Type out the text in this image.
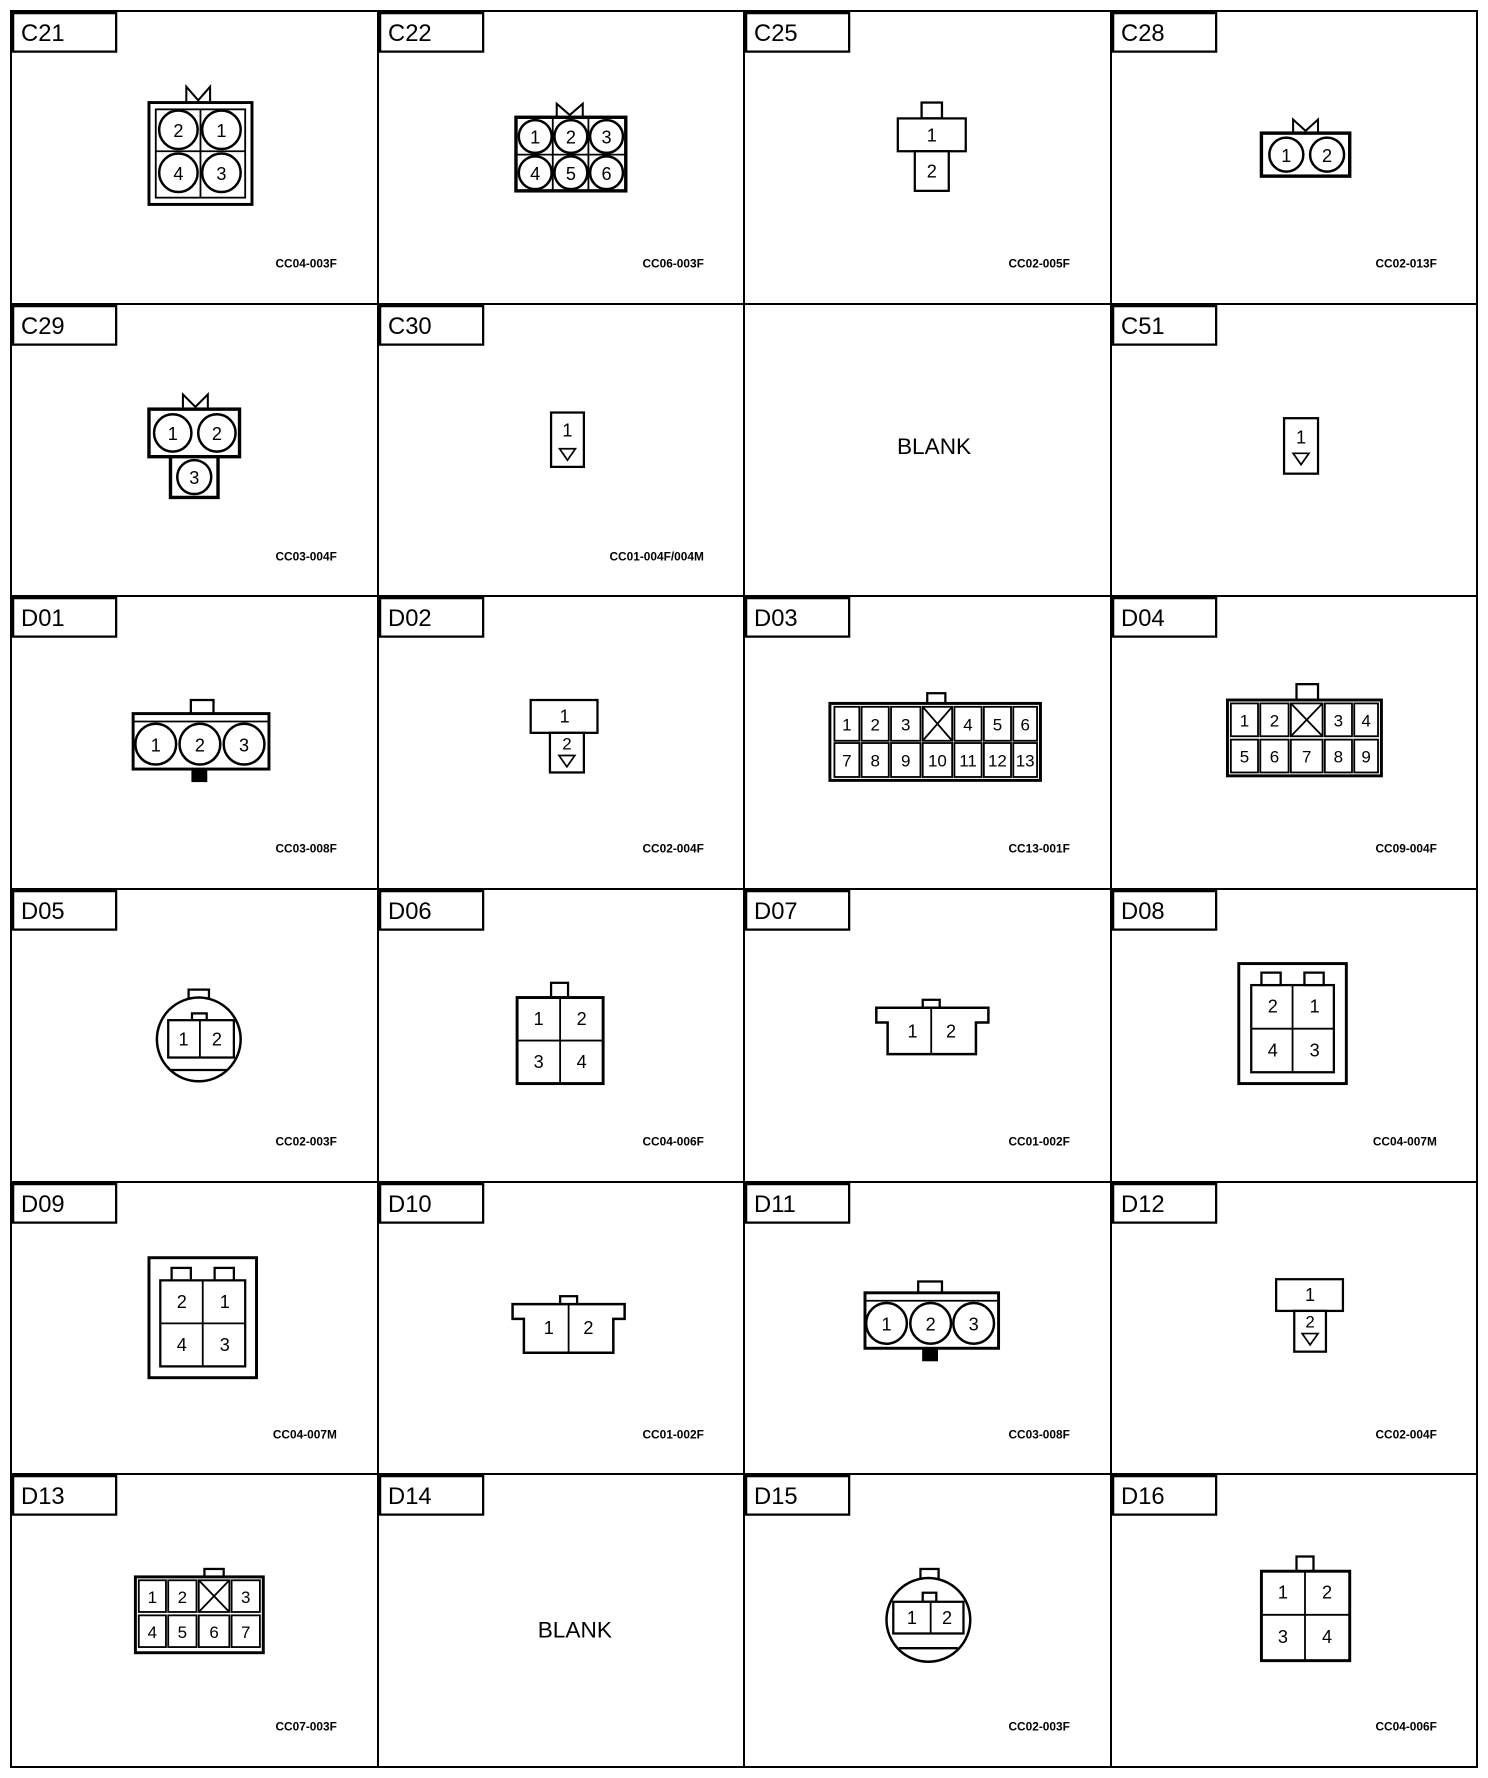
C21
2 1
4 3
CC04-003F
C22
1 2 3
4 5 6
CC06-003F
C25
1
2
CC02-005F
C28
1 2
CC02-013F
C29
1 2
3
CC03-004F
C30
1
CC01-004F/004M
BLANK
C51
1
D01
1 2 3
CC03-008F
D02
1
2
CC02-004F
D03
1 2 3	4 5 6
7 8 9 10 11 12 13
CC13-001F
D04
1 2	3 4
5 6 7 8 9
CC09-004F
D05
1 2
CC02-003F
D06
1 2
3 4
CC04-006F
D07
1 2
CC01-002F
D08
2 1
4 3
CC04-007M
D09
2 1
4 3
CC04-007M
D10
1 2
CC01-002F
D11
1 2 3
CC03-008F
D12
1
2
CC02-004F
D13
1 2	3
4 5 6 7
CC07-003F
D14
BLANK
D15
1 2
CC02-003F
D16
1 2
3 4
CC04-006F
